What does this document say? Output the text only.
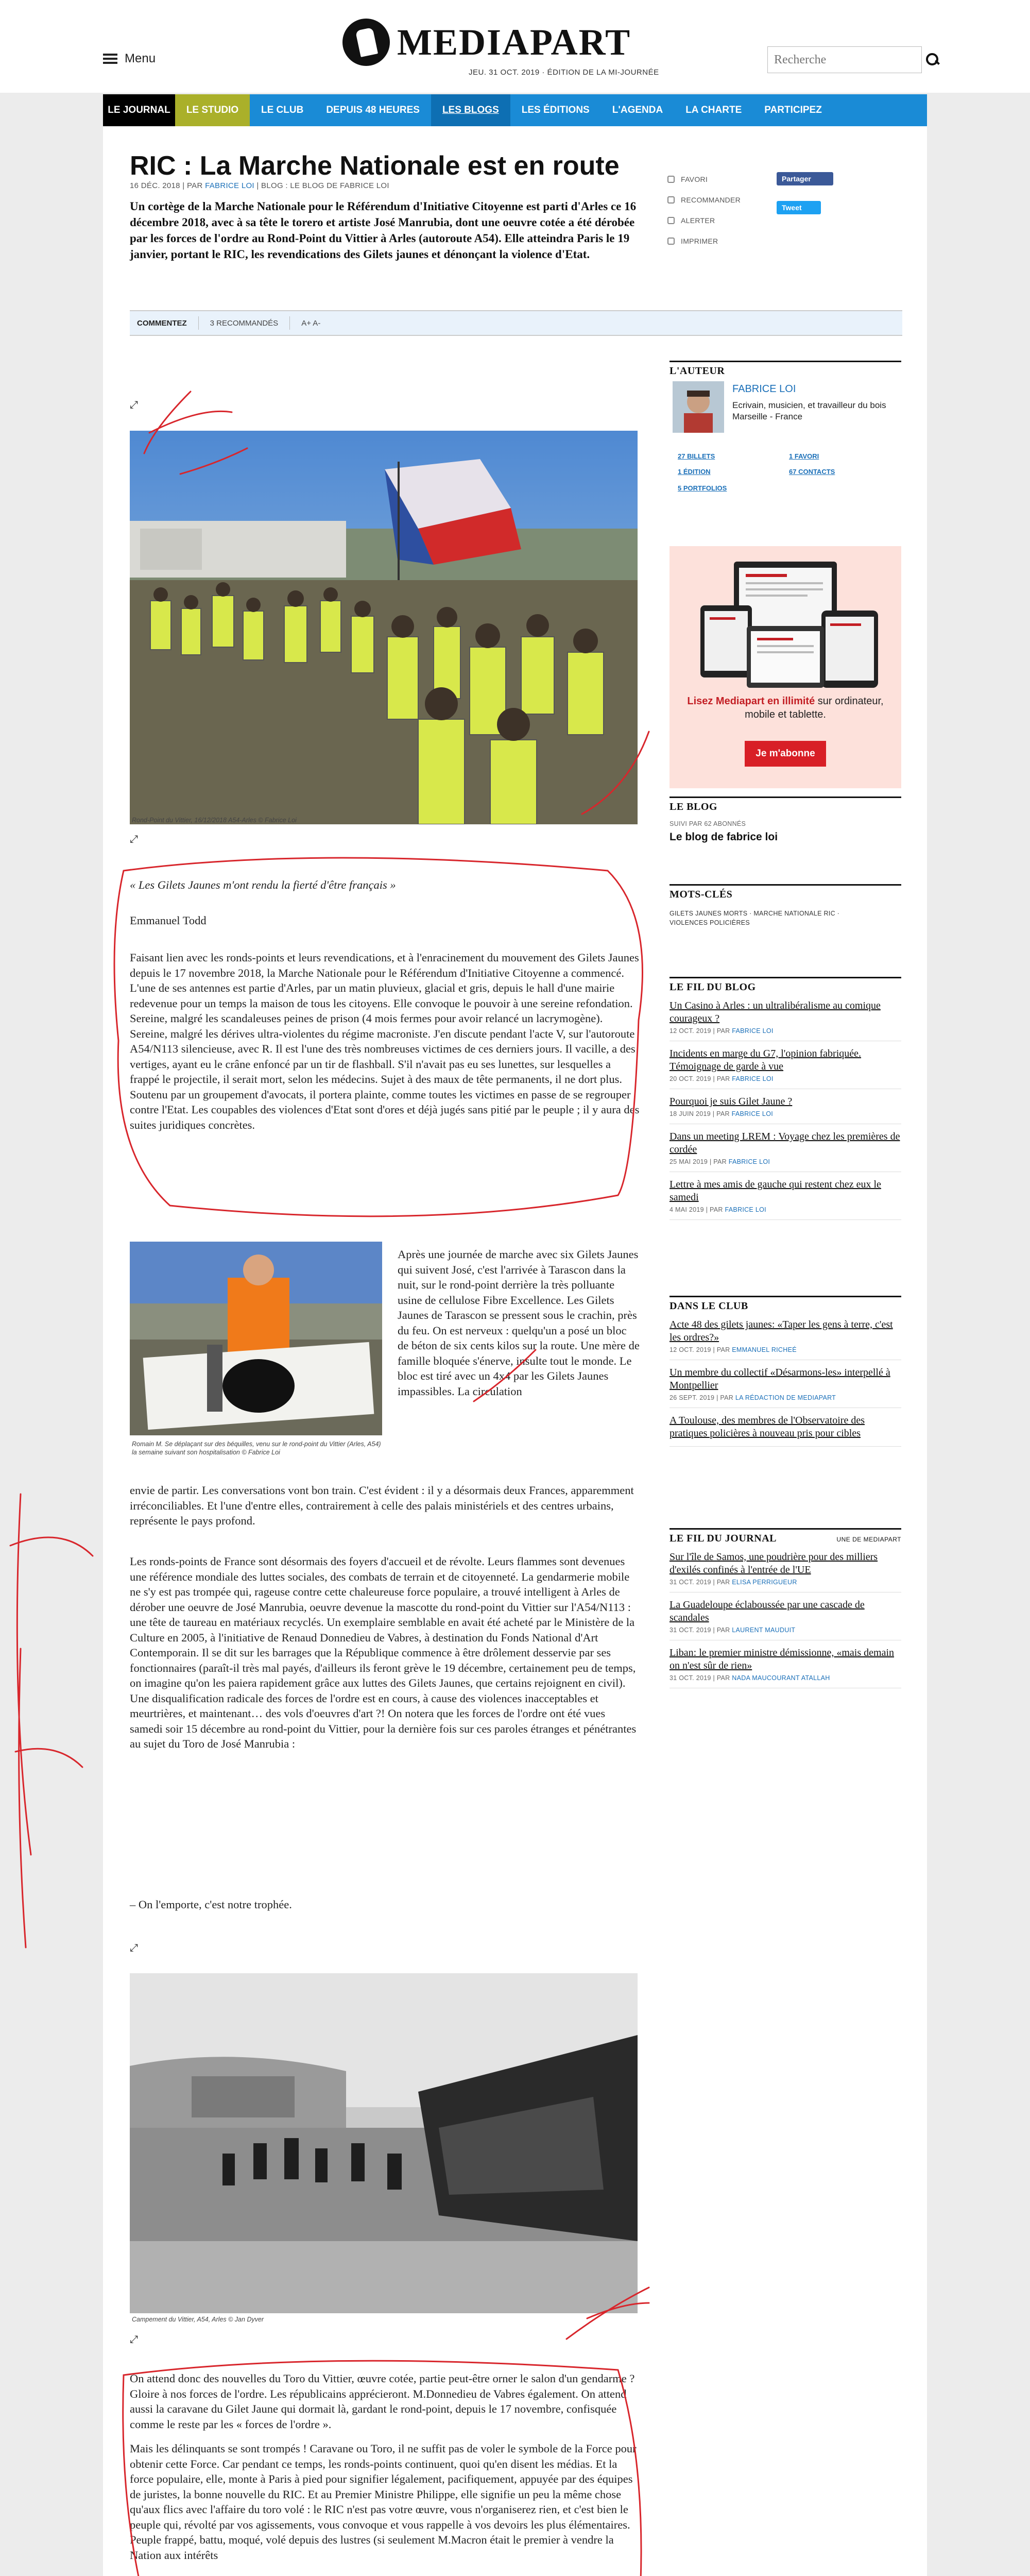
Menu	MEDIAPART
JEU. 31 OCT. 2019 · ÉDITION DE LA MI-JOURNÉE
Recherche
LE JOURNAL	LE STUDIO	LE CLUB	DEPUIS 48 HEURES	LES BLOGS	LES ÉDITIONS	L'AGENDA	LA CHARTE	PARTICIPEZ
RIC : La Marche Nationale est en route
16 DÉC. 2018 | PAR FABRICE LOI | BLOG : LE BLOG DE FABRICE LOI

Un cortège de la Marche Nationale pour le Référendum d'Initiative Citoyenne est parti d'Arles ce 16 décembre 2018, avec à sa tête le torero et artiste José Manrubia, dont une oeuvre cotée a été dérobée par les forces de l'ordre au Rond-Point du Vittier à Arles (autoroute A54). Elle atteindra Paris le 19 janvier, portant le RIC, les revendications des Gilets jaunes et dénonçant la violence d'Etat.

FAVORI
RECOMMANDER
ALERTER
IMPRIMER
Partager
Tweet
COMMENTEZ	3 RECOMMANDÉS	A+ A-
⤢
Rond-Point du Vittier, 16/12/2018 A54-Arles © Fabrice Loi
⤢
« Les Gilets Jaunes m'ont rendu la fierté d'être français »
Emmanuel Todd
Faisant lien avec les ronds-points et leurs revendications, et à l'enracinement du mouvement des Gilets Jaunes depuis le 17 novembre 2018, la Marche Nationale pour le Référendum d'Initiative Citoyenne a commencé. L'une de ses antennes est partie d'Arles, par un matin pluvieux, glacial et gris, depuis le hall d'une mairie redevenue pour un temps la maison de tous les citoyens. Elle convoque le pouvoir à une sereine refondation. Sereine, malgré les scandaleuses peines de prison (4 mois fermes pour avoir relancé un lacrymogène). Sereine, malgré les dérives ultra-violentes du régime macroniste. J'en discute pendant l'acte V, sur l'autoroute A54/N113 silencieuse, avec R. Il est l'une des très nombreuses victimes de ces derniers jours. Il vacille, a des vertiges, ayant eu le crâne enfoncé par un tir de flashball. S'il n'avait pas eu ses lunettes, sur lesquelles a frappé le projectile, il serait mort, selon les médecins. Sujet à des maux de tête permanents, il ne dort plus. Soutenu par un groupement d'avocats, il portera plainte, comme toutes les victimes en passe de se regrouper contre l'Etat. Les coupables des violences d'Etat sont d'ores et déjà jugés sans pitié par le peuple ; il y aura des suites juridiques concrètes.
Romain M. Se déplaçant sur des béquilles, venu sur le rond-point du Vittier (Arles, A54) la semaine suivant son hospitalisation © Fabrice Loi
Après une journée de marche avec six Gilets Jaunes qui suivent José, c'est l'arrivée à Tarascon dans la nuit, sur le rond-point derrière la très polluante usine de cellulose Fibre Excellence. Les Gilets Jaunes de Tarascon se pressent sous le crachin, près du feu. On est nerveux : quelqu'un a posé un bloc de béton de six cents kilos sur la route. Une mère de famille bloquée s'énerve, insulte tout le monde. Le bloc est tiré avec un 4x4 par les Gilets Jaunes impassibles. La circulation
envie de partir. Les conversations vont bon train. C'est évident : il y a désormais deux Frances, apparemment irréconciliables. Et l'une d'entre elles, contrairement à celle des palais ministériels et des centres urbains, représente le pays profond.
Les ronds-points de France sont désormais des foyers d'accueil et de révolte. Leurs flammes sont devenues une référence mondiale des luttes sociales, des combats de terrain et de citoyenneté. La gendarmerie mobile ne s'y est pas trompée qui, rageuse contre cette chaleureuse force populaire, a trouvé intelligent à Arles de dérober une oeuvre de José Manrubia, oeuvre devenue la mascotte du rond-point du Vittier sur l'A54/N113 : une tête de taureau en matériaux recyclés. Un exemplaire semblable en avait été acheté par le Ministère de la Culture en 2005, à l'initiative de Renaud Donnedieu de Vabres, à destination du Fonds National d'Art Contemporain. Il se dit sur les barrages que la République commence à être drôlement desservie par ses fonctionnaires (paraît-il très mal payés, d'ailleurs ils feront grève le 19 décembre, certainement peu de temps, on imagine qu'on les paiera rapidement grâce aux luttes des Gilets Jaunes, que certains rejoignent en civil). Une disqualification radicale des forces de l'ordre est en cours, à cause des violences inacceptables et meurtrières, et maintenant… des vols d'oeuvres d'art ?! On notera que les forces de l'ordre ont été vues samedi soir 15 décembre au rond-point du Vittier, pour la dernière fois sur ces paroles étranges et pénétrantes au sujet du Toro de José Manrubia :
– On l'emporte, c'est notre trophée.
⤢
Campement du Vittier, A54, Arles © Jan Dyver
⤢
On attend donc des nouvelles du Toro du Vittier, œuvre cotée, partie peut-être orner le salon d'un gendarme ? Gloire à nos forces de l'ordre. Les républicains apprécieront. M.Donnedieu de Vabres également. On attend aussi la caravane du Gilet Jaune qui dormait là, gardant le rond-point, depuis le 17 novembre, confisquée comme le reste par les « forces de l'ordre ».
Mais les délinquants se sont trompés ! Caravane ou Toro, il ne suffit pas de voler le symbole de la Force pour obtenir cette Force. Car pendant ce temps, les ronds-points continuent, quoi qu'en disent les médias. Et la force populaire, elle, monte à Paris à pied pour signifier légalement, pacifiquement, appuyée par des équipes de juristes, la bonne nouvelle du RIC. Et au Premier Ministre Philippe, elle signifie un peu la même chose qu'aux flics avec l'affaire du toro volé : le RIC n'est pas votre œuvre, vous n'organiserez rien, et c'est bien le peuple qui, révolté par vos agissements, vous convoque et vous rappelle à vos devoirs les plus élémentaires. Peuple frappé, battu, moqué, volé depuis des lustres (si seulement M.Macron était le premier à vendre la Nation aux intérêts
L'AUTEUR
FABRICE LOI
Ecrivain, musicien, et travailleur du bois Marseille - France
27 BILLETS	1 FAVORI
1 ÉDITION	67 CONTACTS
5 PORTFOLIOS
Lisez Mediapart en illimité sur ordinateur, mobile et tablette.
Je m'abonne
LE BLOG
SUIVI PAR 62 ABONNÉS
Le blog de fabrice loi
MOTS-CLÉS
GILETS JAUNES MORTS · MARCHE NATIONALE RIC · VIOLENCES POLICIÈRES
LE FIL DU BLOG
Un Casino à Arles : un ultralibéralisme au comique courageux ?
12 OCT. 2019 | PAR FABRICE LOI
Incidents en marge du G7, l'opinion fabriquée. Témoignage de garde à vue
20 OCT. 2019 | PAR FABRICE LOI
Pourquoi je suis Gilet Jaune ?
18 JUIN 2019 | PAR FABRICE LOI
Dans un meeting LREM : Voyage chez les premières de cordée
25 MAI 2019 | PAR FABRICE LOI
Lettre à mes amis de gauche qui restent chez eux le samedi
4 MAI 2019 | PAR FABRICE LOI
DANS LE CLUB
Acte 48 des gilets jaunes: «Taper les gens à terre, c'est les ordres?»
12 OCT. 2019 | PAR EMMANUEL RICHEÉ
Un membre du collectif «Désarmons-les» interpellé à Montpellier
26 SEPT. 2019 | PAR LA RÉDACTION DE MEDIAPART
A Toulouse, des membres de l'Observatoire des pratiques policières à nouveau pris pour cibles
LE FIL DU JOURNAL	UNE DE MEDIAPART
Sur l'île de Samos, une poudrière pour des milliers d'exilés confinés à l'entrée de l'UE
31 OCT. 2019 | PAR ELISA PERRIGUEUR
La Guadeloupe éclaboussée par une cascade de scandales
31 OCT. 2019 | PAR LAURENT MAUDUIT
Liban: le premier ministre démissionne, «mais demain on n'est sûr de rien»
31 OCT. 2019 | PAR NADA MAUCOURANT ATALLAH
